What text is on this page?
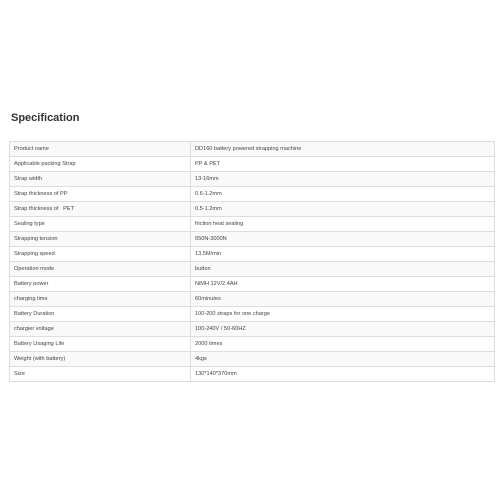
Specification
Product name	DD160 battery powered strapping machine
Applicable packing Strap	PP & PET
Strap width	13-16mm
Strap thickness of PP	0.6-1.2mm
Strap thickness of   PET	0.5-1.2mm
Sealing type	friction heat sealing
Strapping tension	650N-3000N
Strapping speed	13.5M/min
Operation mode	button
Battery power	NiMH 12V/2.4AH
charging time	60minutes
Battery Duration	100-200 straps for one charge
chargier voltage	100-240V / 50-60HZ
Battery Usaging Life	2000 times
Weight (with battery)	4kgs
Size	130*140*370mm
